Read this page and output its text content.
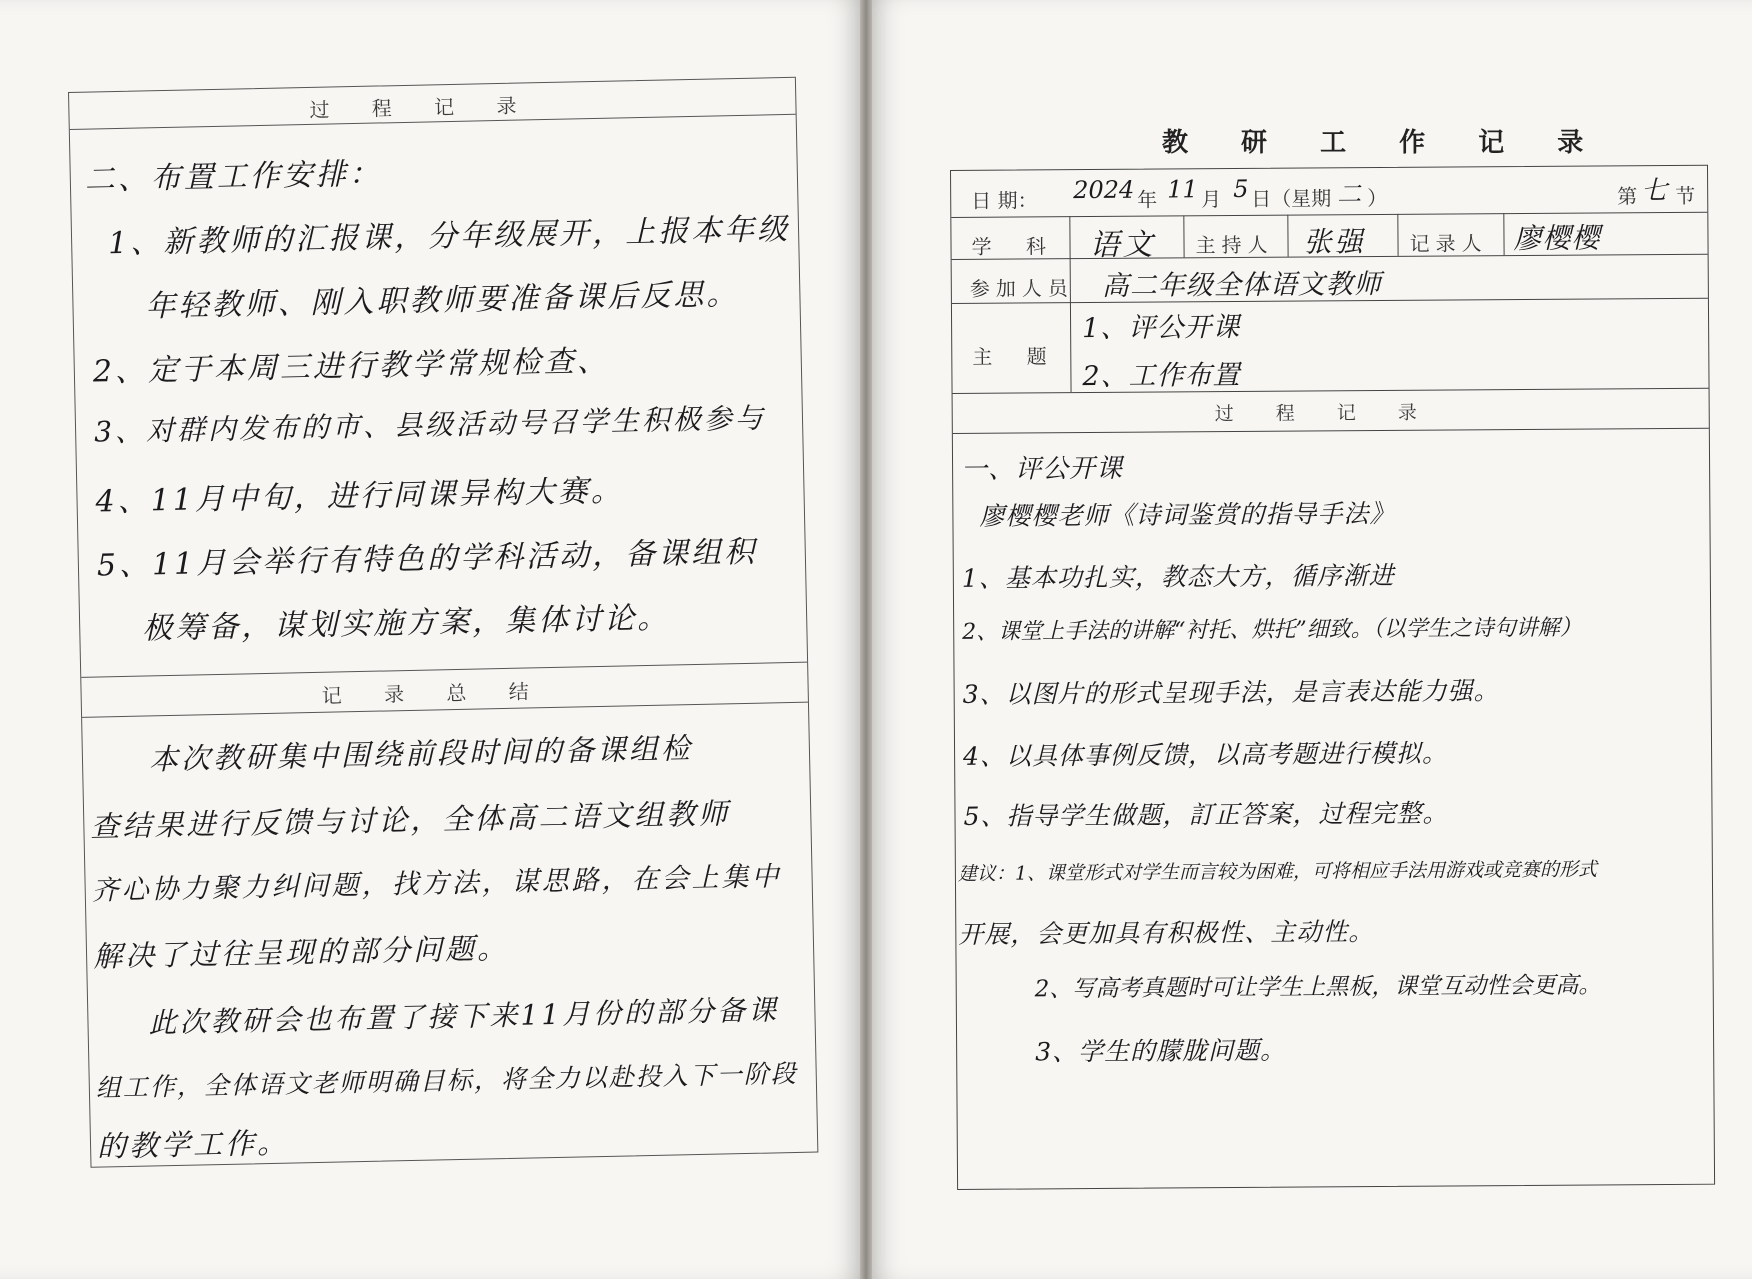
ﾠ
过 程 记 录
二、布置工作安排：
1、新教师的汇报课，分年级展开，上报本年级
年轻教师、刚入职教师要准备课后反思。
2、定于本周三进行教学常规检查、
3、对群内发布的市、县级活动号召学生积极参与
4、11月中旬，进行同课异构大赛。
5、11月会举行有特色的学科活动，备课组积
极筹备，谋划实施方案，集体讨论。
记 录 总 结
本次教研集中围绕前段时间的备课组检
查结果进行反馈与讨论，全体高二语文组教师
齐心协力聚力纠问题，找方法，谋思路，在会上集中
解决了过往呈现的部分问题。
此次教研会也布置了接下来11月份的部分备课
组工作，全体语文老师明确目标，将全力以赴投入下一阶段
的教学工作。
教 研 工 作 记 录
日 期： 2024 年 11 月 5 日（星期 二 ）	第 七 节
学 科 语文 主持人 张强 记录人 廖樱樱
参加人员 高二年级全体语文教师
主 题
1、评公开课
2、工作布置
过 程 记 录
一、评公开课
廖樱樱老师《诗词鉴赏的指导手法》
1、基本功扎实，教态大方，循序渐进
2、课堂上手法的讲解“衬托、烘托”细致。（以学生之诗句讲解）
3、以图片的形式呈现手法，是言表达能力强。
4、以具体事例反馈，以高考题进行模拟。
5、指导学生做题，訂正答案，过程完整。
建议：1、课堂形式对学生而言较为困难，可将相应手法用游戏或竞赛的形式
开展，会更加具有积极性、主动性。
2、写高考真题时可让学生上黑板，课堂互动性会更高。
3、学生的朦胧问题。
